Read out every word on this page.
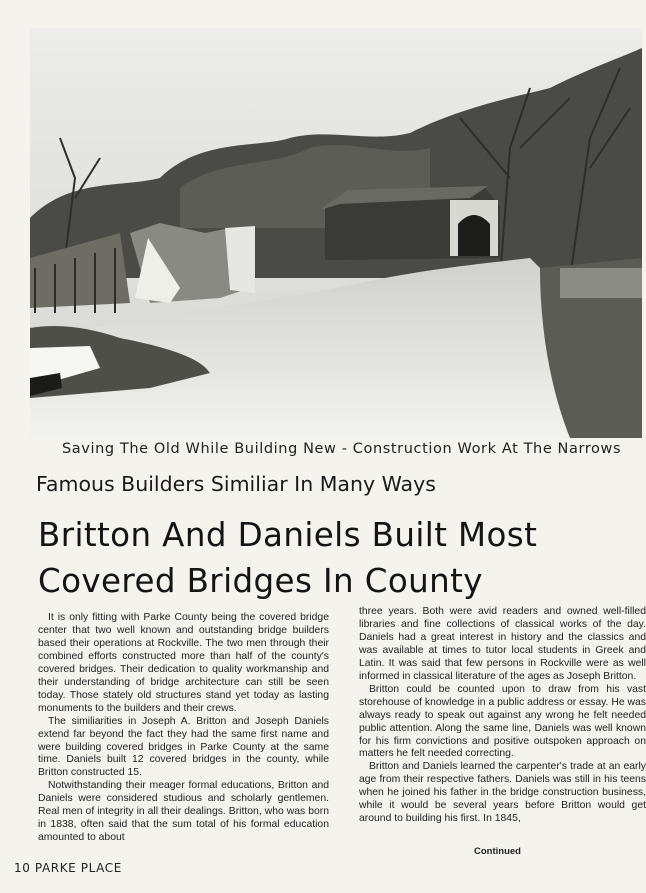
Saving The Old While Building New - Construction Work At The Narrows
Famous Builders Similiar In Many Ways
Britton And Daniels Built Most
Covered Bridges In County

It is only fitting with Parke County being the covered bridge center that two well known and outstanding bridge builders based their operations at Rockville. The two men through their combined efforts constructed more than half of the county's covered bridges. Their dedication to quality workmanship and their understanding of bridge architecture can still be seen today. Those stately old structures stand yet today as lasting monuments to the builders and their crews.

The similiarities in Joseph A. Britton and Joseph Daniels extend far beyond the fact they had the same first name and were building covered bridges in Parke County at the same time. Daniels built 12 covered bridges in the county, while Britton constructed 15.

Notwithstanding their meager formal educations, Britton and Daniels were considered studious and scholarly gentlemen. Real men of integrity in all their dealings. Britton, who was born in 1838, often said that the sum total of his formal education amounted to about

three years. Both were avid readers and owned well-filled libraries and fine collections of classical works of the day. Daniels had a great interest in history and the classics and was available at times to tutor local students in Greek and Latin. It was said that few persons in Rockville were as well informed in classical literature of the ages as Joseph Britton.

Britton could be counted upon to draw from his vast storehouse of knowledge in a public address or essay. He was always ready to speak out against any wrong he felt needed public attention. Along the same line, Daniels was well known for his firm convictions and positive outspoken approach on matters he felt needed correcting.

Britton and Daniels learned the carpenter's trade at an early age from their respective fathers. Daniels was still in his teens when he joined his father in the bridge construction business, while it would be several years before Britton would get around to building his first. In 1845,

Continued
10 PARKE PLACE
